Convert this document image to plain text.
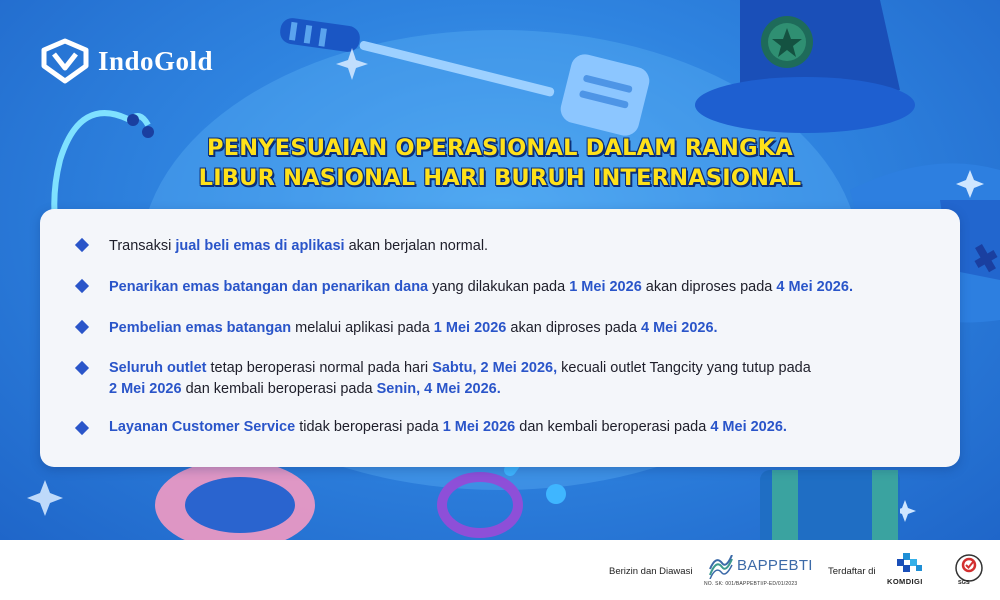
IndoGold
PENYESUAIAN OPERASIONAL DALAM RANGKA
LIBUR NASIONAL HARI BURUH INTERNASIONAL
Transaksi jual beli emas di aplikasi akan berjalan normal.
Penarikan emas batangan dan penarikan dana yang dilakukan pada 1 Mei 2026 akan diproses pada 4 Mei 2026.
Pembelian emas batangan melalui aplikasi pada 1 Mei 2026 akan diproses pada 4 Mei 2026.
Seluruh outlet tetap beroperasi normal pada hari Sabtu, 2 Mei 2026, kecuali outlet Tangcity yang tutup pada
2 Mei 2026 dan kembali beroperasi pada Senin, 4 Mei 2026.
Layanan Customer Service tidak beroperasi pada 1 Mei 2026 dan kembali beroperasi pada 4 Mei 2026.
Berizin dan Diawasi	BAPPEBTI
NO. SK: 001/BAPPEBTI/P-ED/01/2023
Terdaftar di
KOMDIGI	SGS
